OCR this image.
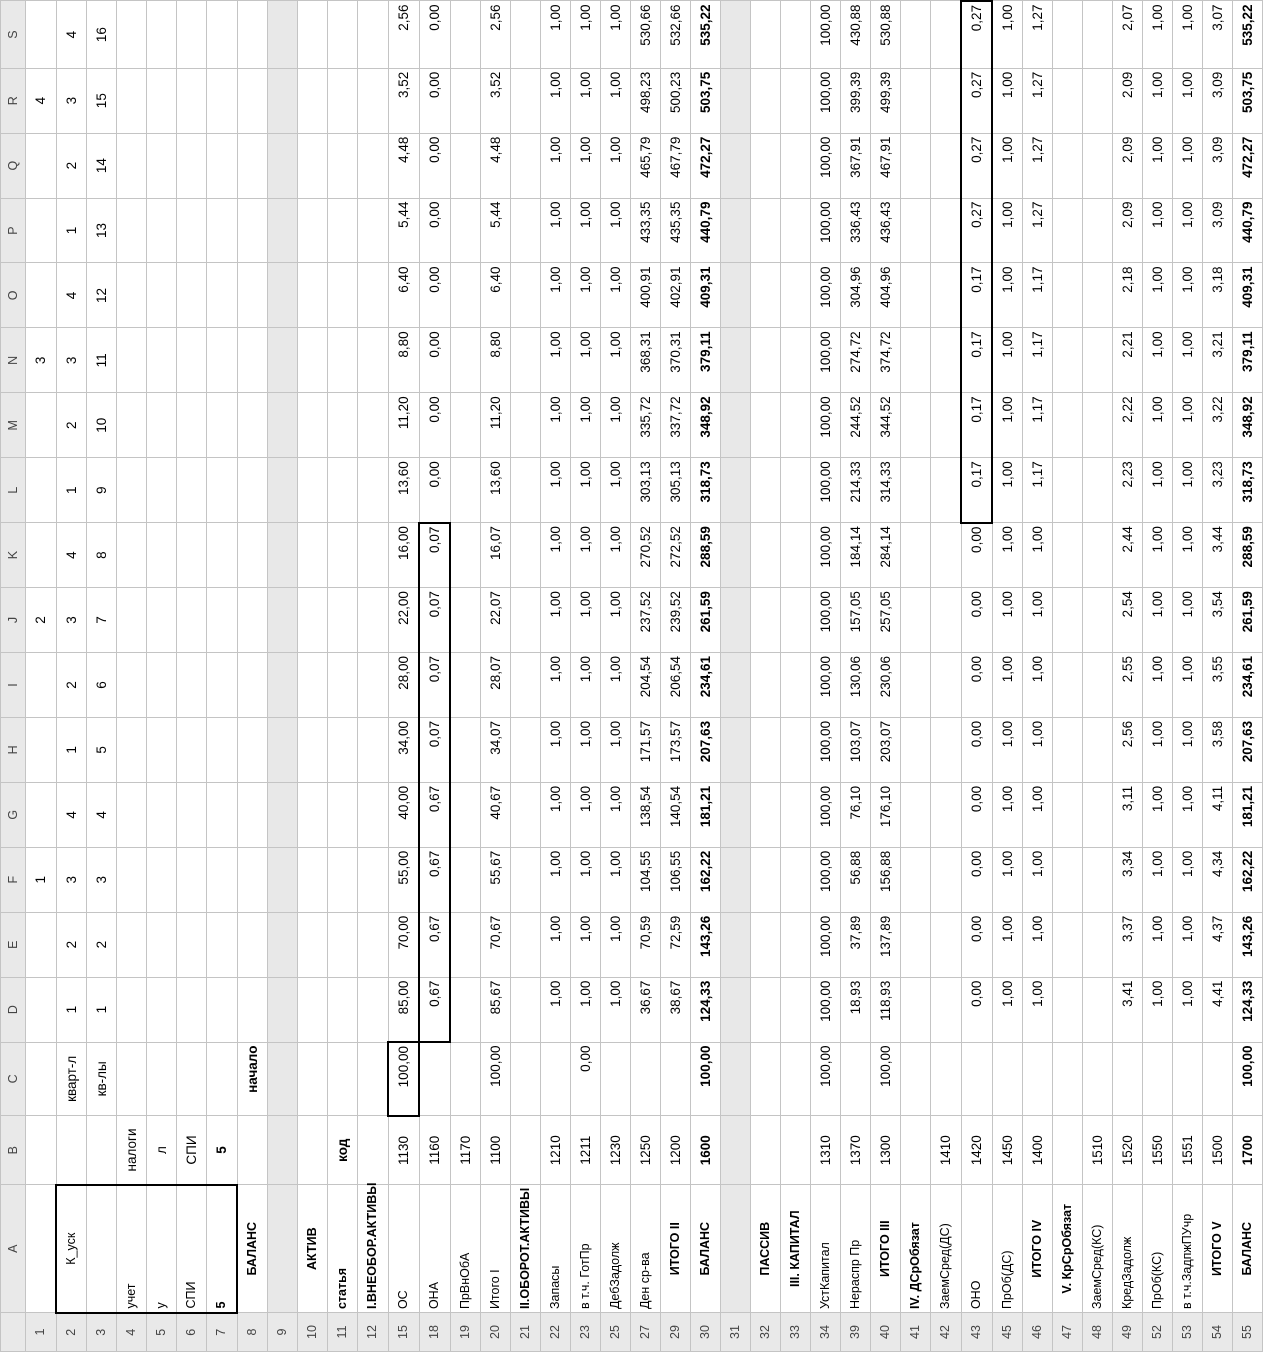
	A	B	C	D	E	F	G	H	I	J	K	L	M	N	O	P	Q	R	S
1						1				2				3				4	
2	К_уск		кварт-л	1	2	3	4	1	2	3	4	1	2	3	4	1	2	3	4
3			кв-лы	1	2	3	4	5	6	7	8	9	10	11	12	13	14	15	16
4	учет	налоги																	
5	у	л																	
6	СПИ	СПИ																	
7	5	5																	
8	БАЛАНС		начало																
9																			
10	АКТИВ																		
11	статья	код																	
12	I.ВНЕОБОР.АКТИВЫ																		
15	ОС	1130	100,00	85,00	70,00	55,00	40,00	34,00	28,00	22,00	16,00	13,60	11,20	8,80	6,40	5,44	4,48	3,52	2,56
18	ОНА	1160		0,67	0,67	0,67	0,67	0,07	0,07	0,07	0,07	0,00	0,00	0,00	0,00	0,00	0,00	0,00	0,00
19	ПрВнОбА	1170																	
20	Итого I	1100	100,00	85,67	70,67	55,67	40,67	34,07	28,07	22,07	16,07	13,60	11,20	8,80	6,40	5,44	4,48	3,52	2,56
21	II.ОБОРОТ.АКТИВЫ																		
22	Запасы	1210		1,00	1,00	1,00	1,00	1,00	1,00	1,00	1,00	1,00	1,00	1,00	1,00	1,00	1,00	1,00	1,00
23	в т.ч. ГотПр	1211	0,00	1,00	1,00	1,00	1,00	1,00	1,00	1,00	1,00	1,00	1,00	1,00	1,00	1,00	1,00	1,00	1,00
25	ДебЗадолж	1230		1,00	1,00	1,00	1,00	1,00	1,00	1,00	1,00	1,00	1,00	1,00	1,00	1,00	1,00	1,00	1,00
27	Ден ср-ва	1250		36,67	70,59	104,55	138,54	171,57	204,54	237,52	270,52	303,13	335,72	368,31	400,91	433,35	465,79	498,23	530,66
29	ИТОГО II	1200		38,67	72,59	106,55	140,54	173,57	206,54	239,52	272,52	305,13	337,72	370,31	402,91	435,35	467,79	500,23	532,66
30	БАЛАНС	1600	100,00	124,33	143,26	162,22	181,21	207,63	234,61	261,59	288,59	318,73	348,92	379,11	409,31	440,79	472,27	503,75	535,22
31																			
32	ПАССИВ																		
33	III. КАПИТАЛ																		
34	УстКапитал	1310	100,00	100,00	100,00	100,00	100,00	100,00	100,00	100,00	100,00	100,00	100,00	100,00	100,00	100,00	100,00	100,00	100,00
39	Нераспр Пр	1370		18,93	37,89	56,88	76,10	103,07	130,06	157,05	184,14	214,33	244,52	274,72	304,96	336,43	367,91	399,39	430,88
40	ИТОГО III	1300	100,00	118,93	137,89	156,88	176,10	203,07	230,06	257,05	284,14	314,33	344,52	374,72	404,96	436,43	467,91	499,39	530,88
41	IV. ДСрОбязат																		
42	ЗаемСред(ДС)	1410																	
43	ОНО	1420		0,00	0,00	0,00	0,00	0,00	0,00	0,00	0,00	0,17	0,17	0,17	0,17	0,27	0,27	0,27	0,27
45	ПрОб(ДС)	1450		1,00	1,00	1,00	1,00	1,00	1,00	1,00	1,00	1,00	1,00	1,00	1,00	1,00	1,00	1,00	1,00
46	ИТОГО IV	1400		1,00	1,00	1,00	1,00	1,00	1,00	1,00	1,00	1,17	1,17	1,17	1,17	1,27	1,27	1,27	1,27
47	V. КрСрОбязат																		
48	ЗаемСред(КС)	1510																	
49	КредЗадолж	1520		3,41	3,37	3,34	3,11	2,56	2,55	2,54	2,44	2,23	2,22	2,21	2,18	2,09	2,09	2,09	2,07
52	ПрОб(КС)	1550		1,00	1,00	1,00	1,00	1,00	1,00	1,00	1,00	1,00	1,00	1,00	1,00	1,00	1,00	1,00	1,00
53	в т.ч.ЗадпжПУчр	1551		1,00	1,00	1,00	1,00	1,00	1,00	1,00	1,00	1,00	1,00	1,00	1,00	1,00	1,00	1,00	1,00
54	ИТОГО V	1500		4,41	4,37	4,34	4,11	3,58	3,55	3,54	3,44	3,23	3,22	3,21	3,18	3,09	3,09	3,09	3,07
55	БАЛАНС	1700	100,00	124,33	143,26	162,22	181,21	207,63	234,61	261,59	288,59	318,73	348,92	379,11	409,31	440,79	472,27	503,75	535,22
